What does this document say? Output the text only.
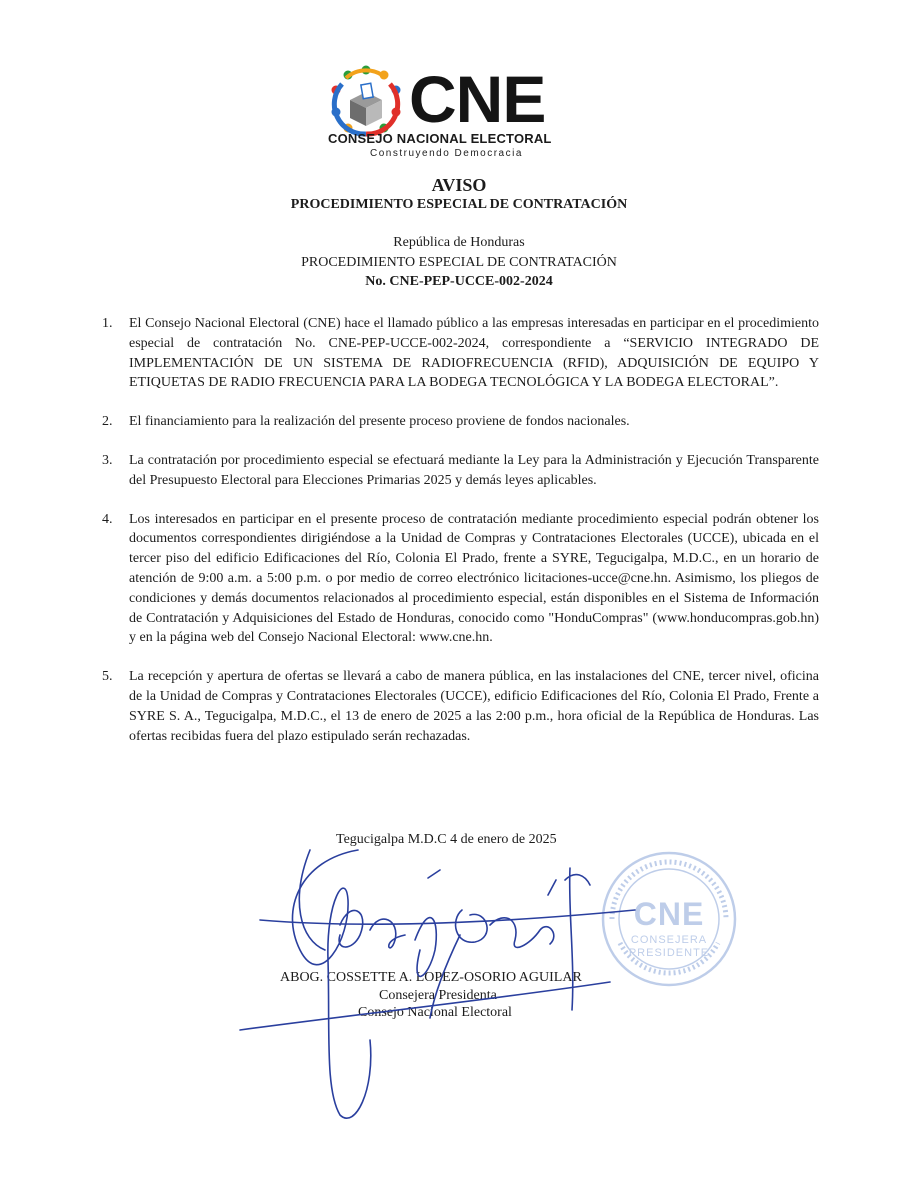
CNE
CONSEJO NACIONAL ELECTORAL
Construyendo Democracia
AVISO
PROCEDIMIENTO ESPECIAL DE CONTRATACIÓN
República de Honduras
PROCEDIMIENTO ESPECIAL DE CONTRATACIÓN
No. CNE-PEP-UCCE-002-2024
1. El Consejo Nacional Electoral (CNE) hace el llamado público a las empresas interesadas en participar en el procedimiento especial de contratación No. CNE-PEP-UCCE-002-2024, correspondiente a “SERVICIO INTEGRADO DE IMPLEMENTACIÓN DE UN SISTEMA DE RADIOFRECUENCIA (RFID), ADQUISICIÓN DE EQUIPO Y ETIQUETAS DE RADIO FRECUENCIA PARA LA BODEGA TECNOLÓGICA Y LA BODEGA ELECTORAL”.
2. El financiamiento para la realización del presente proceso proviene de fondos nacionales.
3. La contratación por procedimiento especial se efectuará mediante la Ley para la Administración y Ejecución Transparente del Presupuesto Electoral para Elecciones Primarias 2025 y demás leyes aplicables.
4. Los interesados en participar en el presente proceso de contratación mediante procedimiento especial podrán obtener los documentos correspondientes dirigiéndose a la Unidad de Compras y Contrataciones Electorales (UCCE), ubicada en el tercer piso del edificio Edificaciones del Río, Colonia El Prado, frente a SYRE, Tegucigalpa, M.D.C., en un horario de atención de 9:00 a.m. a 5:00 p.m. o por medio de correo electrónico licitaciones-ucce@cne.hn. Asimismo, los pliegos de condiciones y demás documentos relacionados al procedimiento especial, están disponibles en el Sistema de Información de Contratación y Adquisiciones del Estado de Honduras, conocido como "HonduCompras" (www.honducompras.gob.hn) y en la página web del Consejo Nacional Electoral: www.cne.hn.
5. La recepción y apertura de ofertas se llevará a cabo de manera pública, en las instalaciones del CNE, tercer nivel, oficina de la Unidad de Compras y Contrataciones Electorales (UCCE), edificio Edificaciones del Río, Colonia El Prado, Frente a SYRE S. A., Tegucigalpa, M.D.C., el 13 de enero de 2025 a las 2:00 p.m., hora oficial de la República de Honduras. Las ofertas recibidas fuera del plazo estipulado serán rechazadas.
Tegucigalpa M.D.C 4 de enero de 2025
ABOG. COSSETTE A. LOPEZ-OSORIO AGUILAR
Consejera Presidenta
Consejo Nacional Electoral
CNE
CONSEJERA
PRESIDENTE
